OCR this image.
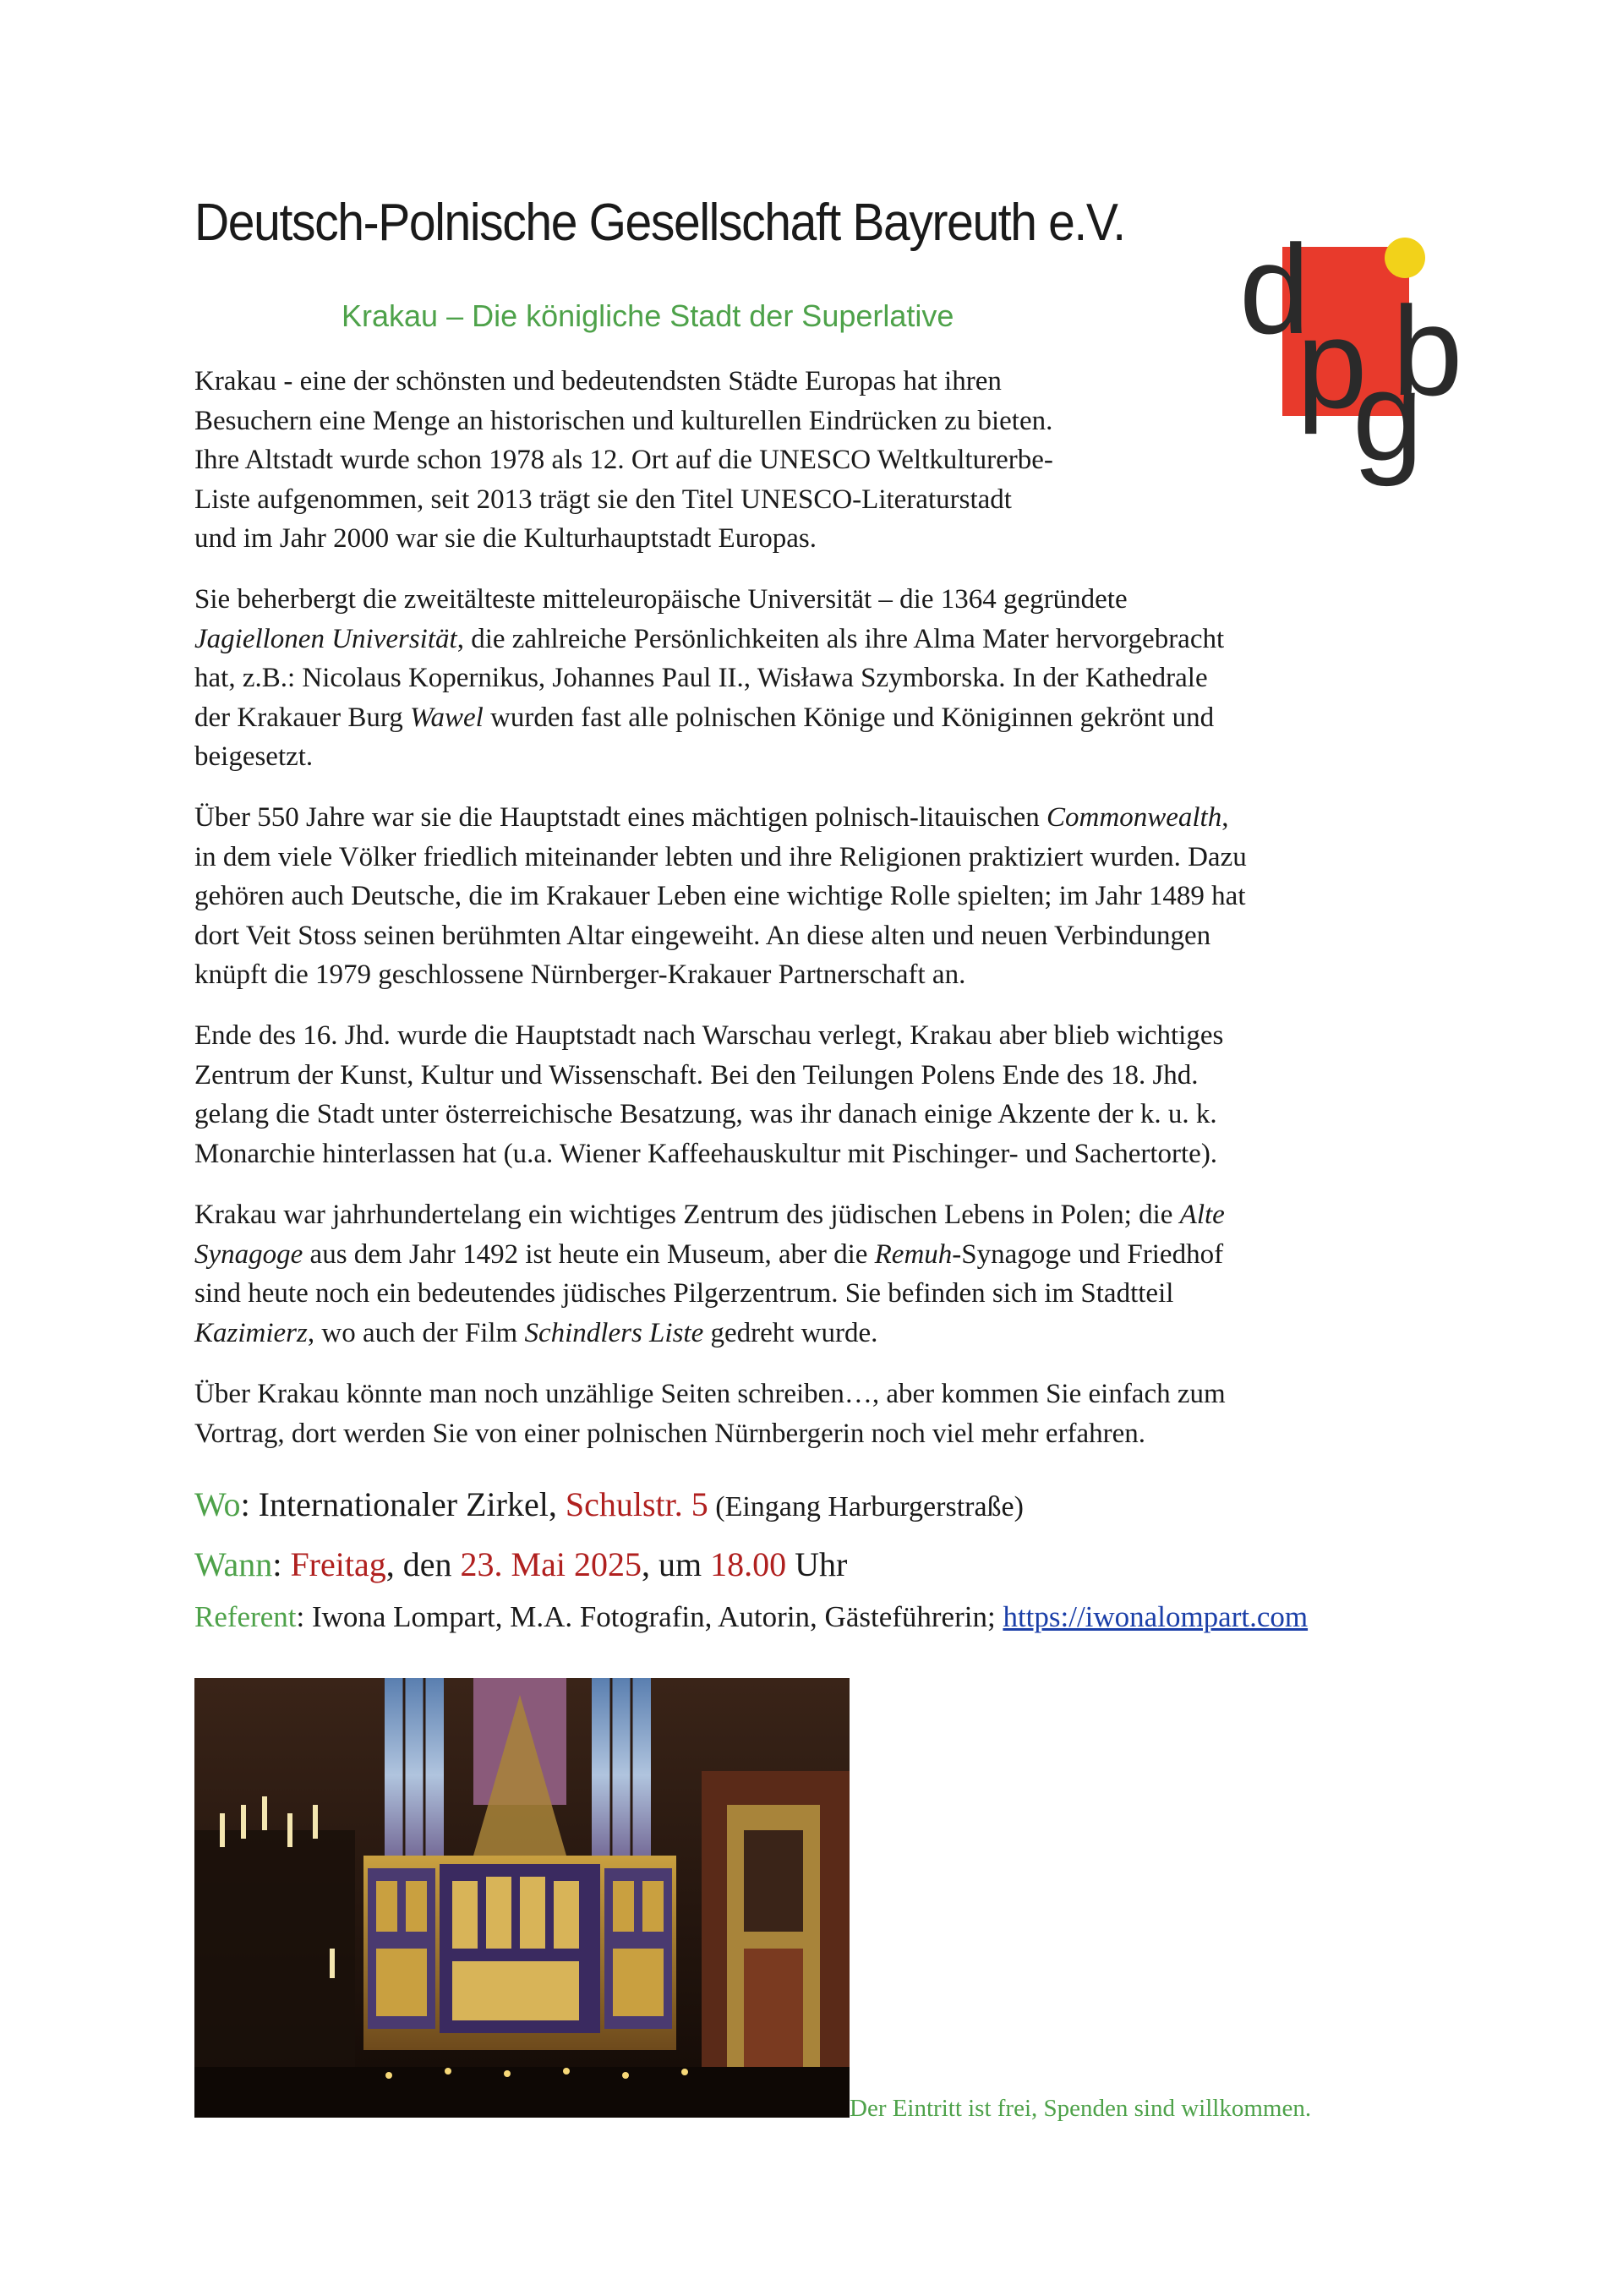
Deutsch-Polnische Gesellschaft Bayreuth e.V.
Krakau – Die königliche Stadt der Superlative d
p
g
b
Krakau - eine der schönsten und bedeutendsten Städte Europas hat ihren
Besuchern eine Menge an historischen und kulturellen Eindrücken zu bieten.
Ihre Altstadt wurde schon 1978 als 12. Ort auf die UNESCO Weltkulturerbe-
Liste aufgenommen, seit 2013 trägt sie den Titel UNESCO-Literaturstadt
und im Jahr 2000 war sie die Kulturhauptstadt Europas.
Sie beherbergt die zweitälteste mitteleuropäische Universität – die 1364 gegründete
Jagiellonen Universität, die zahlreiche Persönlichkeiten als ihre Alma Mater hervorgebracht
hat, z.B.: Nicolaus Kopernikus, Johannes Paul II., Wisława Szymborska. In der Kathedrale
der Krakauer Burg Wawel wurden fast alle polnischen Könige und Königinnen gekrönt und
beigesetzt.
Über 550 Jahre war sie die Hauptstadt eines mächtigen polnisch-litauischen Commonwealth,
in dem viele Völker friedlich miteinander lebten und ihre Religionen praktiziert wurden. Dazu
gehören auch Deutsche, die im Krakauer Leben eine wichtige Rolle spielten; im Jahr 1489 hat
dort Veit Stoss seinen berühmten Altar eingeweiht. An diese alten und neuen Verbindungen
knüpft die 1979 geschlossene Nürnberger-Krakauer Partnerschaft an.
Ende des 16. Jhd. wurde die Hauptstadt nach Warschau verlegt, Krakau aber blieb wichtiges
Zentrum der Kunst, Kultur und Wissenschaft. Bei den Teilungen Polens Ende des 18. Jhd.
gelang die Stadt unter österreichische Besatzung, was ihr danach einige Akzente der k. u. k.
Monarchie hinterlassen hat (u.a. Wiener Kaffeehauskultur mit Pischinger- und Sachertorte).
Krakau war jahrhundertelang ein wichtiges Zentrum des jüdischen Lebens in Polen; die Alte
Synagoge aus dem Jahr 1492 ist heute ein Museum, aber die Remuh-Synagoge und Friedhof
sind heute noch ein bedeutendes jüdisches Pilgerzentrum. Sie befinden sich im Stadtteil
Kazimierz, wo auch der Film Schindlers Liste gedreht wurde.
Über Krakau könnte man noch unzählige Seiten schreiben…, aber kommen Sie einfach zum
Vortrag, dort werden Sie von einer polnischen Nürnbergerin noch viel mehr erfahren.
Wo: Internationaler Zirkel, Schulstr. 5 (Eingang Harburgerstraße)
Wann: Freitag, den 23. Mai 2025, um 18.00 Uhr
Referent: Iwona Lompart, M.A. Fotografin, Autorin, Gästeführerin; https://iwonalompart.com
Der Eintritt ist frei, Spenden sind willkommen.
